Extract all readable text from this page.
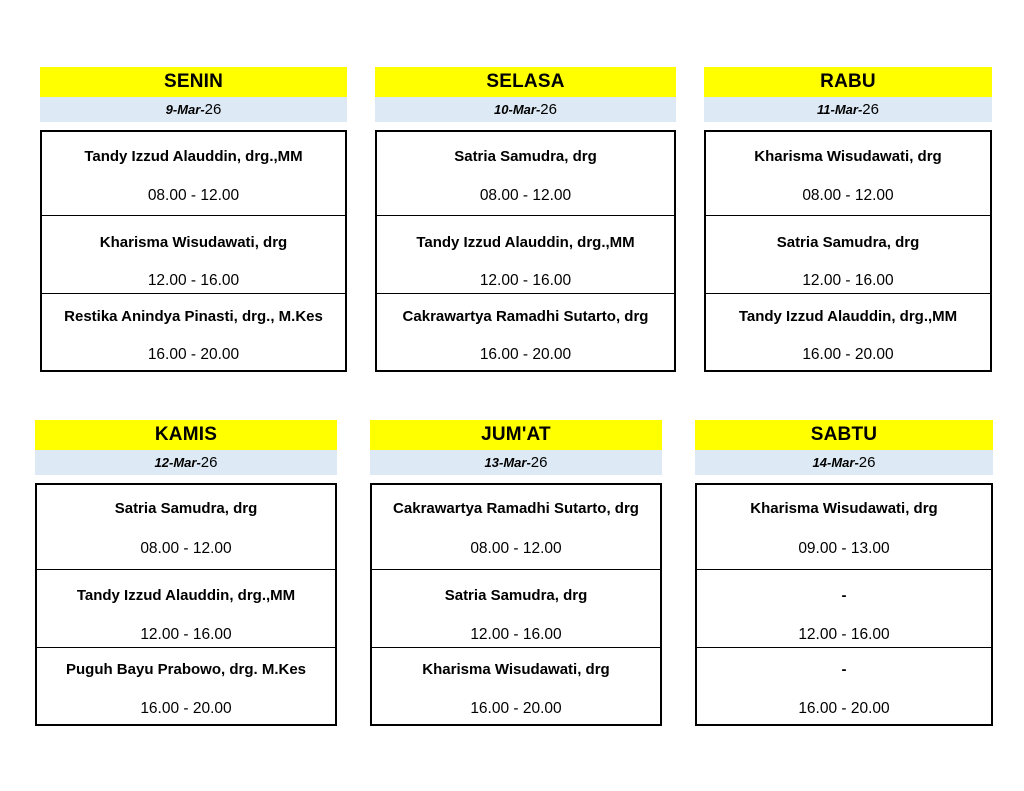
SENIN
9-Mar- 26
Tandy Izzud Alauddin, drg.,MM
08.00 - 12.00
Kharisma Wisudawati, drg
12.00 - 16.00
Restika Anindya Pinasti, drg., M.Kes
16.00 - 20.00
SELASA
10-Mar- 26
Satria Samudra, drg
08.00 - 12.00
Tandy Izzud Alauddin, drg.,MM
12.00 - 16.00
Cakrawartya Ramadhi Sutarto, drg
16.00 - 20.00
RABU
11-Mar- 26
Kharisma Wisudawati, drg
08.00 - 12.00
Satria Samudra, drg
12.00 - 16.00
Tandy Izzud Alauddin, drg.,MM
16.00 - 20.00
KAMIS
12-Mar- 26
Satria Samudra, drg
08.00 - 12.00
Tandy Izzud Alauddin, drg.,MM
12.00 - 16.00
Puguh Bayu Prabowo, drg. M.Kes
16.00 - 20.00
JUM'AT
13-Mar- 26
Cakrawartya Ramadhi Sutarto, drg
08.00 - 12.00
Satria Samudra, drg
12.00 - 16.00
Kharisma Wisudawati, drg
16.00 - 20.00
SABTU
14-Mar- 26
Kharisma Wisudawati, drg
09.00 - 13.00
-
12.00 - 16.00
-
16.00 - 20.00
